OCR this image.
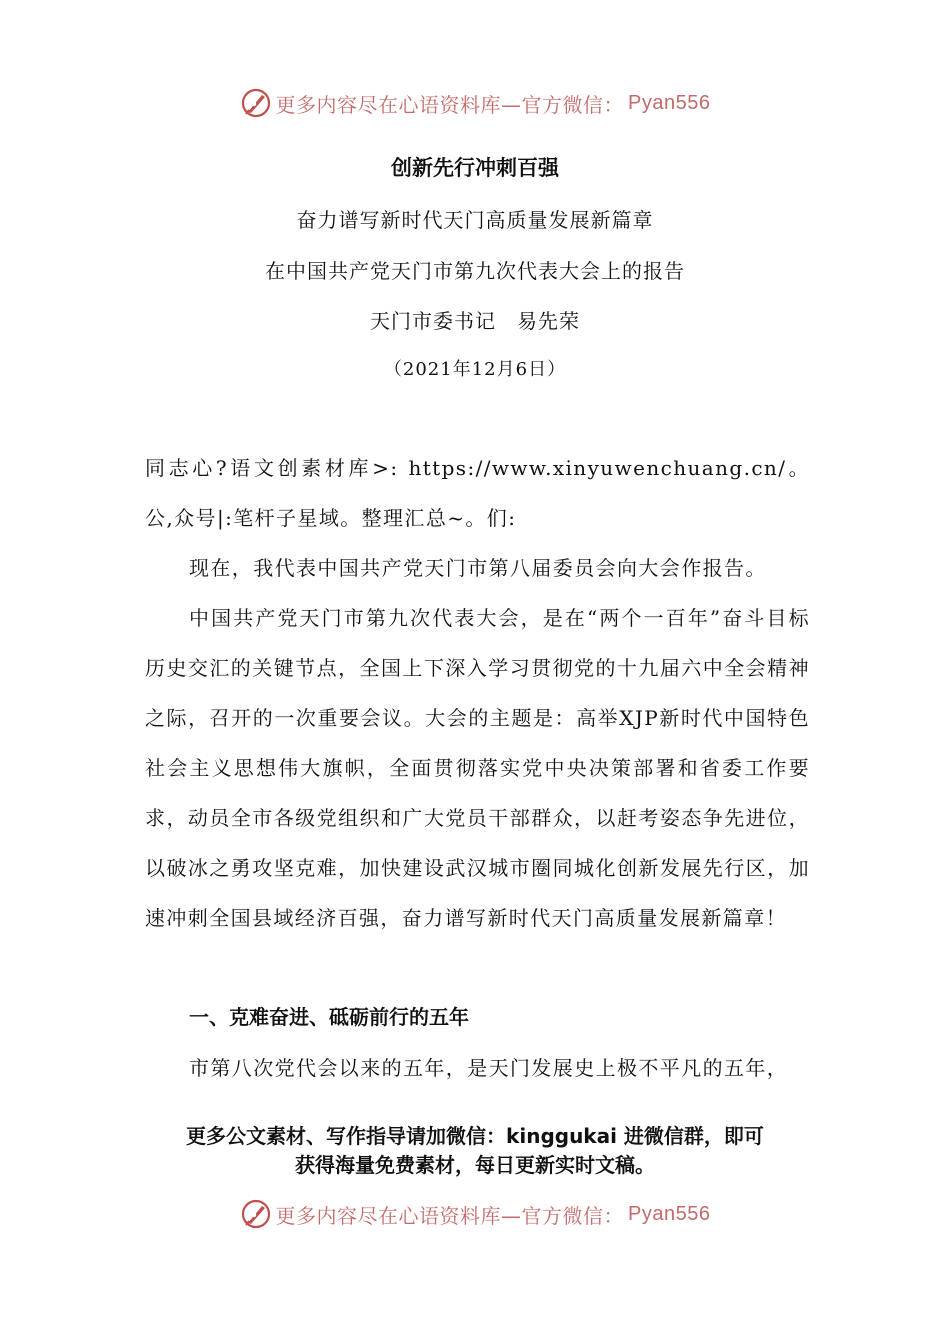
更多内容尽在心语资料库—官方微信： Pyan556
创新先行冲刺百强
奋力谱写新时代天门高质量发展新篇章
在中国共产党天门市第九次代表大会上的报告
天门市委书记　易先荣
（2021年12月6日）
同志心?语文创素材库>: https://www.xinyuwenchuang.cn/。公,众号|:笔杆子星域。整理汇总~。们:
现在，我代表中国共产党天门市第八届委员会向大会作报告。
中国共产党天门市第九次代表大会，是在“两个一百年”奋斗目标历史交汇的关键节点，全国上下深入学习贯彻党的十九届六中全会精神之际，召开的一次重要会议。大会的主题是：高举XJP新时代中国特色社会主义思想伟大旗帜，全面贯彻落实党中央决策部署和省委工作要求，动员全市各级党组织和广大党员干部群众，以赶考姿态争先进位，以破冰之勇攻坚克难，加快建设武汉城市圈同城化创新发展先行区，加速冲刺全国县域经济百强，奋力谱写新时代天门高质量发展新篇章！
一、克难奋进、砥砺前行的五年
市第八次党代会以来的五年，是天门发展史上极不平凡的五年，
更多公文素材、写作指导请加微信：kinggukai 进微信群，即可
获得海量免费素材，每日更新实时文稿。
更多内容尽在心语资料库—官方微信： Pyan556
